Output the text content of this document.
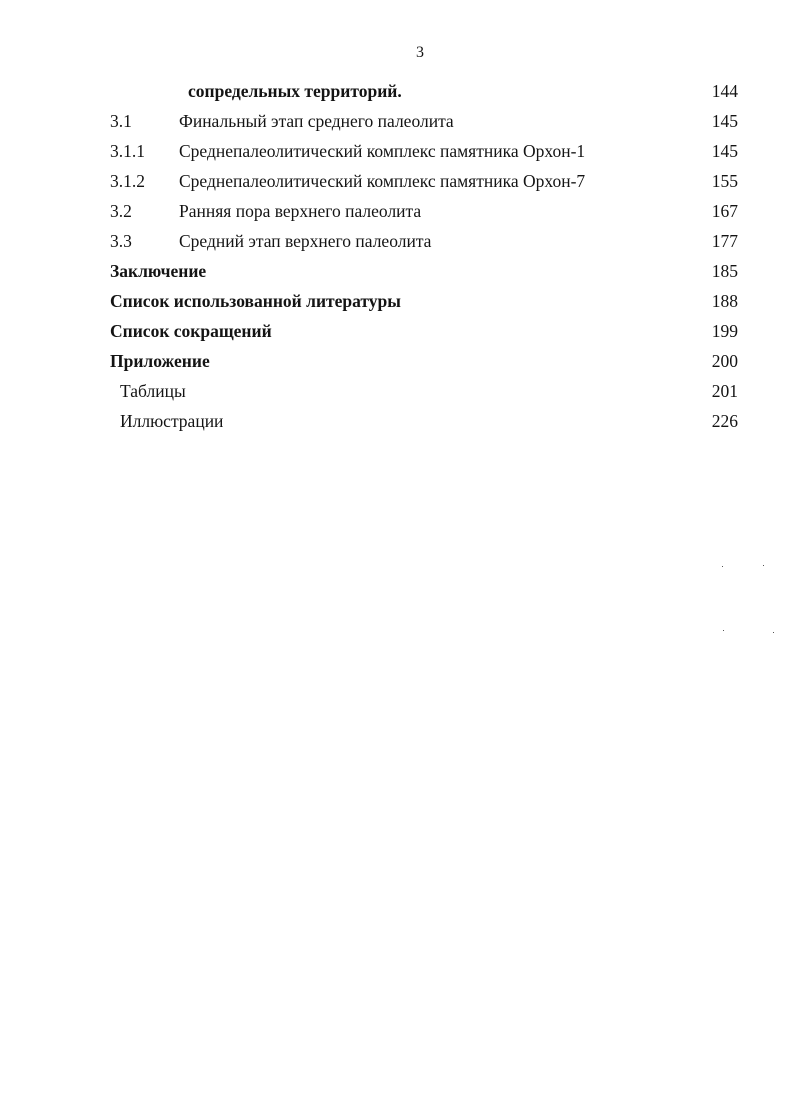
3
сопредельных территорий.	144
3.1	Финальный этап среднего палеолита	145
3.1.1 Среднепалеолитический комплекс памятника Орхон-1	145
3.1.2 Среднепалеолитический комплекс памятника Орхон-7	155
3.2	Ранняя пора верхнего палеолита	167
3.3	Средний этап верхнего палеолита	177
Заключение	185
Список использованной литературы	188
Список сокращений	199
Приложение	200
Таблицы	201
Иллюстрации	226
